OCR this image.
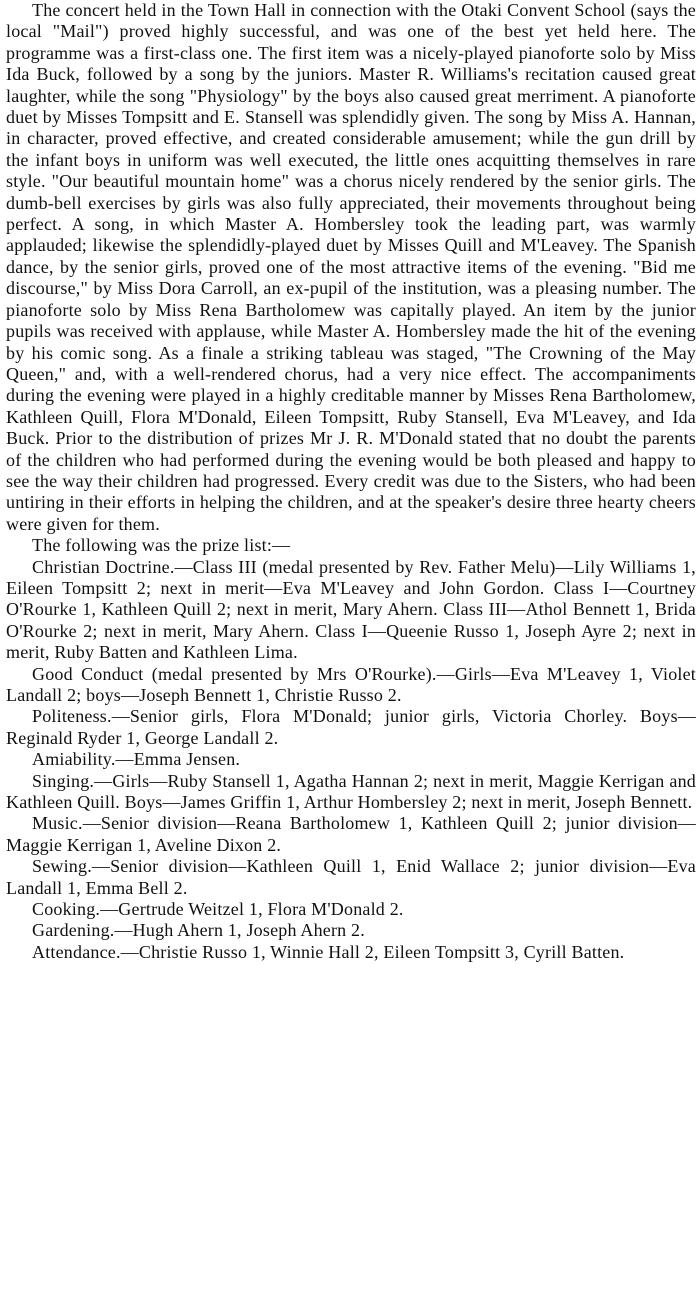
The concert held in the Town Hall in connection with the Otaki Convent School (says the local "Mail") proved highly successful, and was one of the best yet held here. The programme was a first-class one. The first item was a nicely-played pianoforte solo by Miss Ida Buck, followed by a song by the juniors. Master R. Williams's recitation caused great laughter, while the song "Physiology" by the boys also caused great merriment. A pianoforte duet by Misses Tompsitt and E. Stansell was splendidly given. The song by Miss A. Hannan, in character, proved effective, and created considerable amusement; while the gun drill by the infant boys in uniform was well executed, the little ones acquitting themselves in rare style. "Our beautiful mountain home" was a chorus nicely rendered by the senior girls. The dumb-bell exercises by girls was also fully appreciated, their movements throughout being perfect. A song, in which Master A. Hombersley took the leading part, was warmly applauded; likewise the splendidly-played duet by Misses Quill and M'Leavey. The Spanish dance, by the senior girls, proved one of the most attractive items of the evening. "Bid me discourse," by Miss Dora Carroll, an ex-pupil of the institution, was a pleasing number. The pianoforte solo by Miss Rena Bartholomew was capitally played. An item by the junior pupils was received with applause, while Master A. Hombersley made the hit of the evening by his comic song. As a finale a striking tableau was staged, "The Crowning of the May Queen," and, with a well-rendered chorus, had a very nice effect. The accompaniments during the evening were played in a highly creditable manner by Misses Rena Bartholomew, Kathleen Quill, Flora M'Donald, Eileen Tompsitt, Ruby Stansell, Eva M'Leavey, and Ida Buck. Prior to the distribution of prizes Mr J. R. M'Donald stated that no doubt the parents of the children who had performed during the evening would be both pleased and happy to see the way their children had progressed. Every credit was due to the Sisters, who had been untiring in their efforts in helping the children, and at the speaker's desire three hearty cheers were given for them.

The following was the prize list:—

Christian Doctrine.—Class III (medal presented by Rev. Father Melu)—Lily Williams 1, Eileen Tompsitt 2; next in merit—Eva M'Leavey and John Gordon. Class I—Courtney O'Rourke 1, Kathleen Quill 2; next in merit, Mary Ahern. Class III—Athol Bennett 1, Brida O'Rourke 2; next in merit, Mary Ahern. Class I—Queenie Russo 1, Joseph Ayre 2; next in merit, Ruby Batten and Kathleen Lima.

Good Conduct (medal presented by Mrs O'Rourke).—Girls—Eva M'Leavey 1, Violet Landall 2; boys—Joseph Bennett 1, Christie Russo 2.

Politeness.—Senior girls, Flora M'Donald; junior girls, Victoria Chorley. Boys—Reginald Ryder 1, George Landall 2.

Amiability.—Emma Jensen.

Singing.—Girls—Ruby Stansell 1, Agatha Hannan 2; next in merit, Maggie Kerrigan and Kathleen Quill. Boys—James Griffin 1, Arthur Hombersley 2; next in merit, Joseph Bennett.

Music.—Senior division—Reana Bartholomew 1, Kathleen Quill 2; junior division—Maggie Kerrigan 1, Aveline Dixon 2.

Sewing.—Senior division—Kathleen Quill 1, Enid Wallace 2; junior division—Eva Landall 1, Emma Bell 2.

Cooking.—Gertrude Weitzel 1, Flora M'Donald 2.

Gardening.—Hugh Ahern 1, Joseph Ahern 2.

Attendance.—Christie Russo 1, Winnie Hall 2, Eileen Tompsitt 3, Cyrill Batten.
